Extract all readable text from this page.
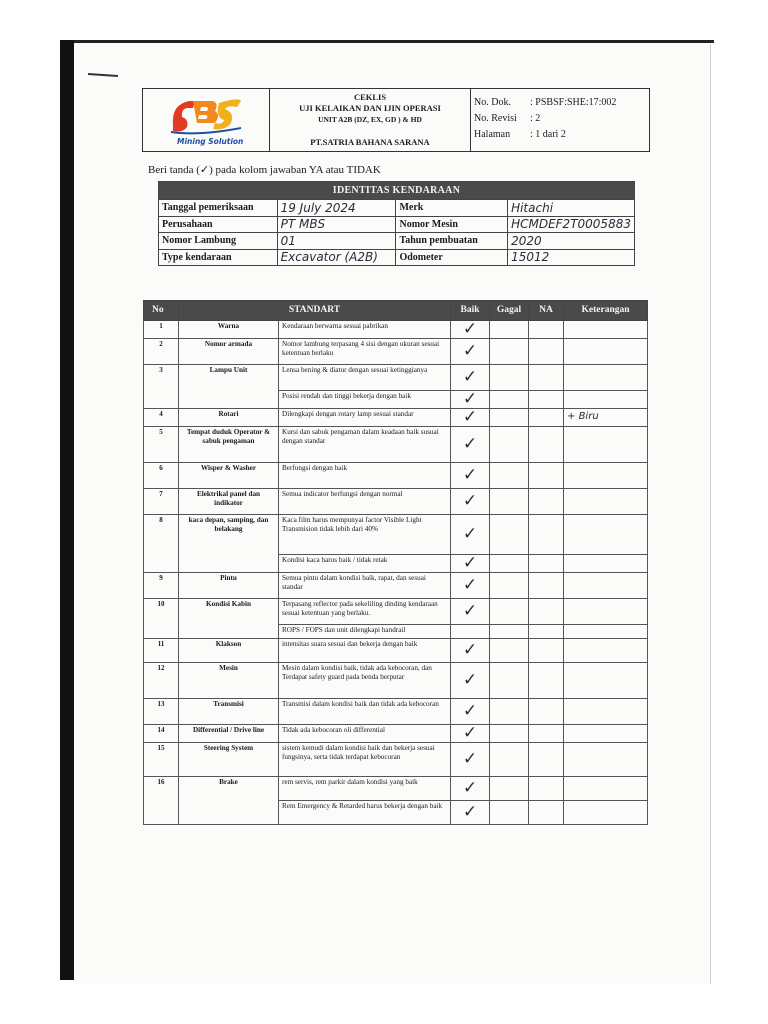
Mining Solution
CEKLIS
UJI KELAIKAN DAN IJIN OPERASI
UNIT A2B (DZ, EX, GD ) & HD
PT.SATRIA BAHANA SARANA
No. Dok.	: PSBSF:SHE:17:002
No. Revisi	: 2
Halaman	: 1 dari 2
Beri tanda (✓) pada kolom jawaban YA atau TIDAK
IDENTITAS KENDARAAN			
Tanggal pemeriksaan	19 July 2024	Merk	Hitachi
Perusahaan	PT MBS	Nomor Mesin	HCMDEF2T0005883
Nomor Lambung	01	Tahun pembuatan	2020
Type kendaraan	Excavator (A2B)	Odometer	15012
No	STANDART		Baik	Gagal	NA	Keterangan
1	Warna	Kendaraan berwarna sesuai pabrikan	✓			
2	Nomor armada	Nomor lambung terpasang 4 sisi dengan ukuran sesuai ketentuan berlaku	✓			
3	Lampu Unit	Lensa bening & diatur dengan sesuai ketinggianya	✓			
		Posisi rendah dan tinggi bekerja dengan baik	✓			
4	Rotari	Dilengkapi dengan rotary lamp sesuai standar	✓			+ Biru
5	Tempat duduk Operator & sabuk pengaman	Kursi dan sabuk pengaman dalam keadaan baik susuai dengan standar	✓			
6	Wisper & Washer	Berfungsi dengan baik	✓			
7	Elektrikal panel dan indikator	Semua indicator berfungsi dengan normal	✓			
8	kaca depan, samping, dan belakang	Kaca film harus mempunyai factor Visible Light Transmision tidak lebih dari 40%	✓			
		Kondisi kaca harus baik / tidak retak	✓			
9	Pintu	Semua pintu dalam kondisi baik, rapat, dan sesuai standar	✓			
10	Kondisi Kabin	Terpasang reflector pada sekeliling dinding kendaraan sesuai ketentuan yang berlaku.	✓			
		ROPS / FOPS dan unit dilengkapi handrail				
11	Klakson	intensitas suara sesuai dan bekerja dengan baik	✓			
12	Mesin	Mesin dalam kondisi baik, tidak ada kebocoran, dan Terdapat safety guard pada benda berputar	✓			
13	Transmisi	Transmisi dalam kondisi baik dan tidak ada kebocoran	✓			
14	Differential / Drive line	Tidak ada kebocoran oli differential	✓			
15	Steering System	sistem kemudi dalam kondisi baik dan bekerja sesuai fungsinya, serta tidak terdapat kebocoran	✓			
16	Brake	rem servis, rem parkir dalam kondisi yang baik	✓			
		Rem Emergency & Retarded harus bekerja dengan baik	✓			
